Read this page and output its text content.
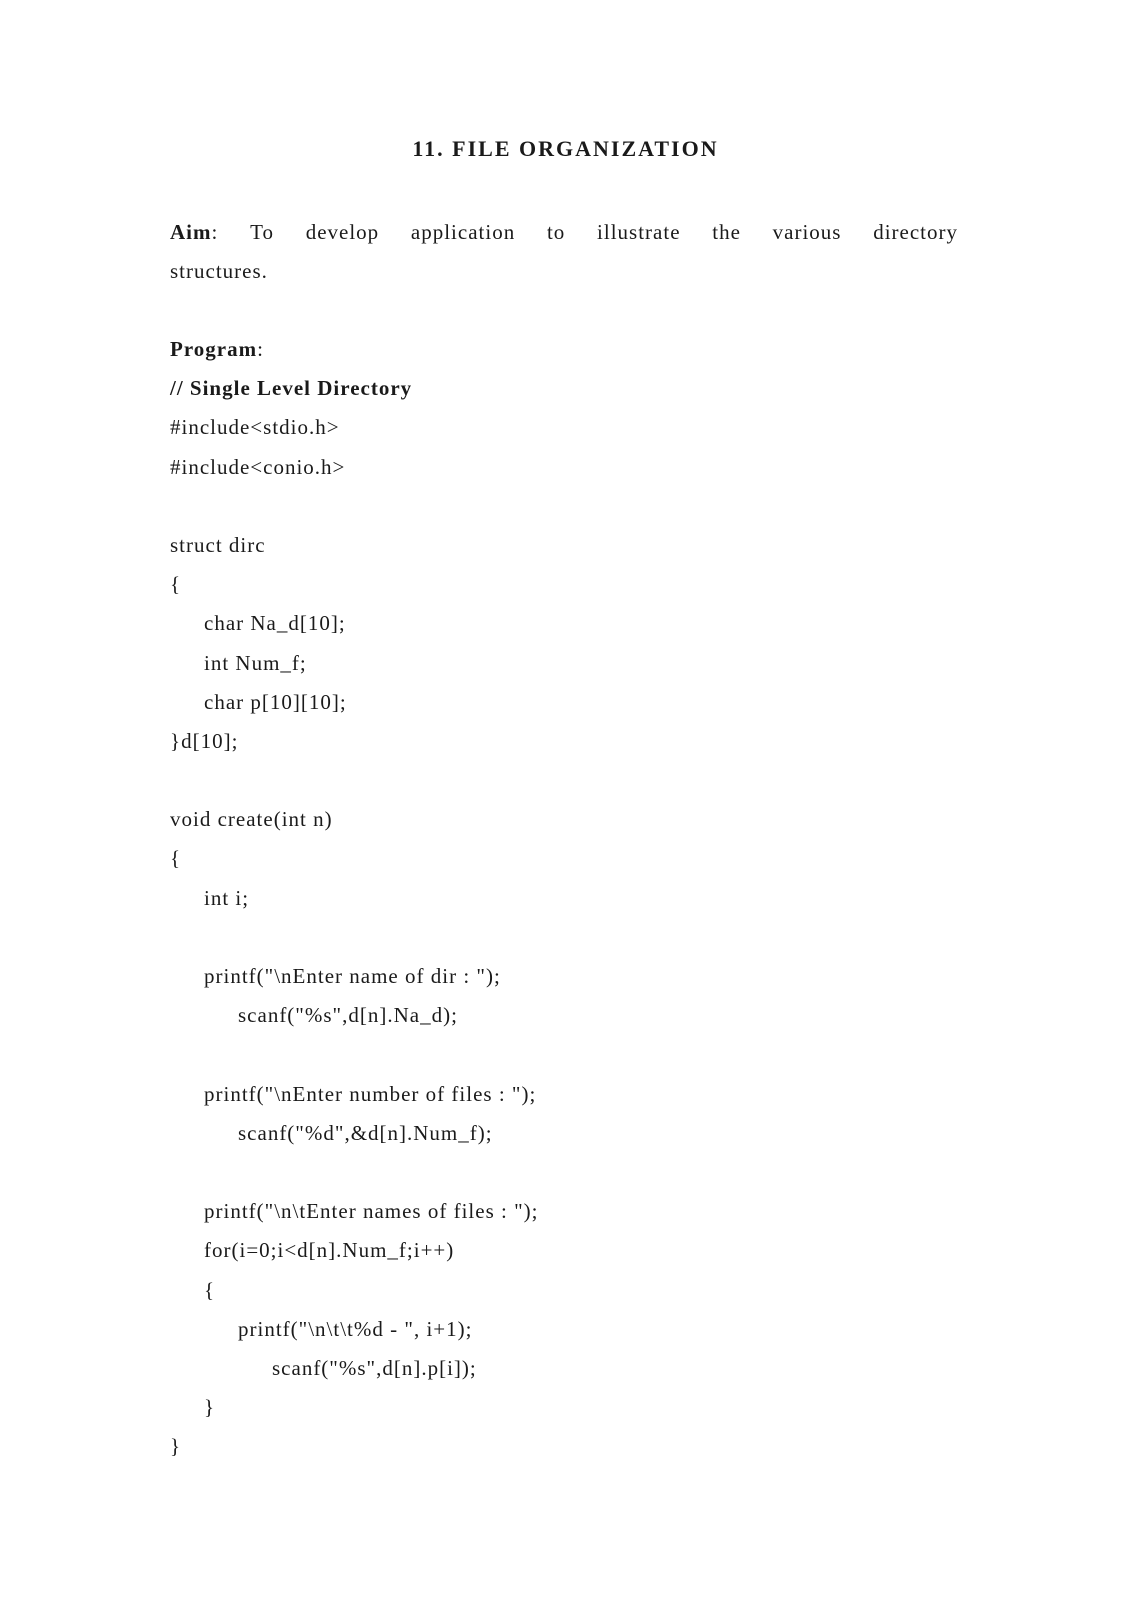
11. FILE ORGANIZATION
Aim: To develop application to illustrate the various directory
structures.
Program:
// Single Level Directory
#include<stdio.h>
#include<conio.h>
struct dirc
{
char Na_d[10];
int Num_f;
char p[10][10];
}d[10];
void create(int n)
{
int i;
printf("\nEnter name of dir : ");
scanf("%s",d[n].Na_d);
printf("\nEnter number of files : ");
scanf("%d",&d[n].Num_f);
printf("\n\tEnter names of files : ");
for(i=0;i<d[n].Num_f;i++)
{
printf("\n\t\t%d - ", i+1);
scanf("%s",d[n].p[i]);
}
}
